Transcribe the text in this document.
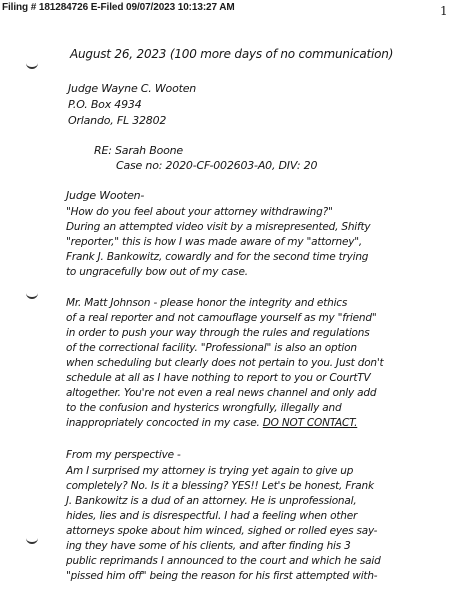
Filing # 181284726 E-Filed 09/07/2023 10:13:27 AM	1
August 26, 2023 (100 more days of no communication)
Judge Wayne C. Wooten
P.O. Box 4934
Orlando, FL 32802
RE: Sarah Boone
Case no: 2020-CF-002603-A0, DIV: 20
Judge Wooten-
"How do you feel about your attorney withdrawing?"
During an attempted video visit by a misrepresented, Shifty
"reporter," this is how I was made aware of my "attorney",
Frank J. Bankowitz, cowardly and for the second time trying
to ungracefully bow out of my case.
Mr. Matt Johnson - please honor the integrity and ethics
of a real reporter and not camouflage yourself as my "friend"
in order to push your way through the rules and regulations
of the correctional facility. "Professional" is also an option
when scheduling but clearly does not pertain to you. Just don't
schedule at all as I have nothing to report to you or CourtTV
altogether. You're not even a real news channel and only add
to the confusion and hysterics wrongfully, illegally and
inappropriately concocted in my case. DO NOT CONTACT.
From my perspective -
Am I surprised my attorney is trying yet again to give up
completely? No. Is it a blessing? YES!! Let's be honest, Frank
J. Bankowitz is a dud of an attorney. He is unprofessional,
hides, lies and is disrespectful. I had a feeling when other
attorneys spoke about him winced, sighed or rolled eyes say-
ing they have some of his clients, and after finding his 3
public reprimands I announced to the court and which he said
"pissed him off" being the reason for his first attempted with-
